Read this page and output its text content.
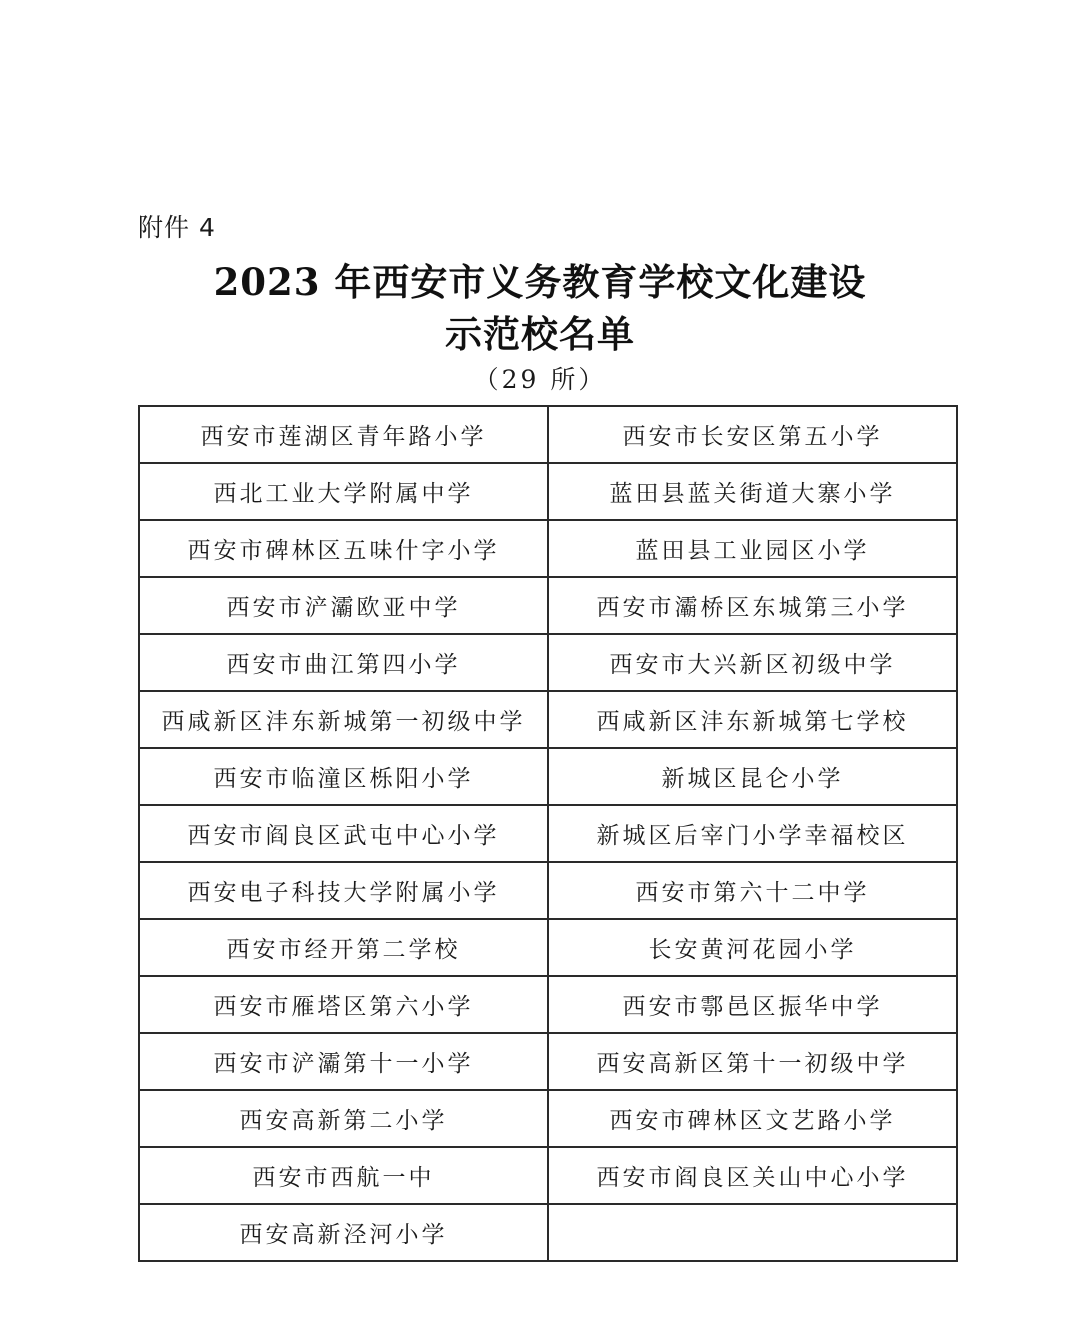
附件 4
2023 年西安市义务教育学校文化建设
示范校名单
（29 所）
西安市莲湖区青年路小学	西安市长安区第五小学
西北工业大学附属中学	蓝田县蓝关街道大寨小学
西安市碑林区五味什字小学	蓝田县工业园区小学
西安市浐灞欧亚中学	西安市灞桥区东城第三小学
西安市曲江第四小学	西安市大兴新区初级中学
西咸新区沣东新城第一初级中学	西咸新区沣东新城第七学校
西安市临潼区栎阳小学	新城区昆仑小学
西安市阎良区武屯中心小学	新城区后宰门小学幸福校区
西安电子科技大学附属小学	西安市第六十二中学
西安市经开第二学校	长安黄河花园小学
西安市雁塔区第六小学	西安市鄠邑区振华中学
西安市浐灞第十一小学	西安高新区第十一初级中学
西安高新第二小学	西安市碑林区文艺路小学
西安市西航一中	西安市阎良区关山中心小学
西安高新泾河小学	
